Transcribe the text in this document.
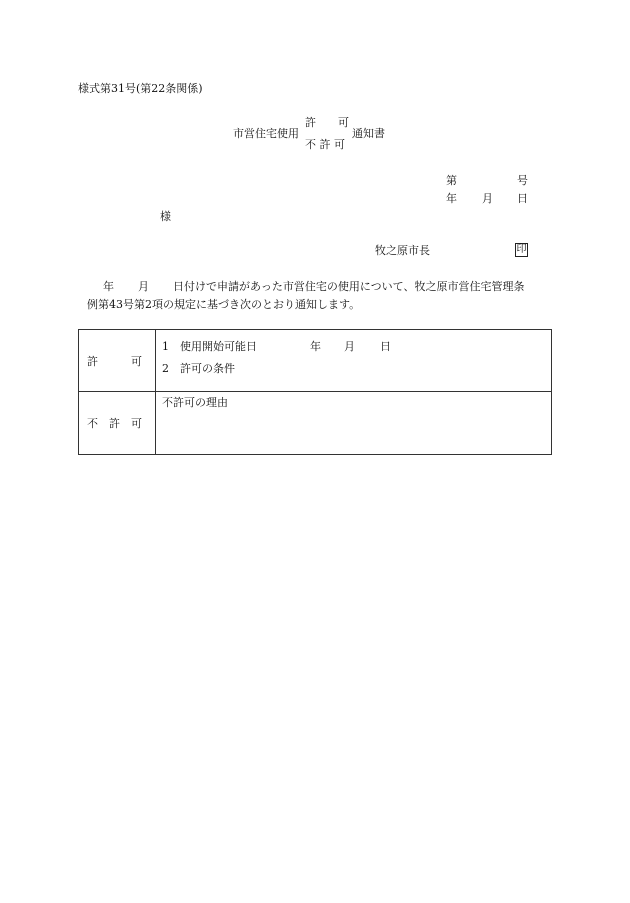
様式第31号(第22条関係)
市営住宅使用
許　　可
不 許 可
通知書
第	号
年 月 日
様
牧之原市長	印
年 月 日付けで申請があった市営住宅の使用について、牧之原市営住宅管理条
例第43号第2項の規定に基づき次のとおり通知します。
許　　　可	1　使用開始可能日 年 月 日
2　許可の条件

不　許　可	不許可の理由
